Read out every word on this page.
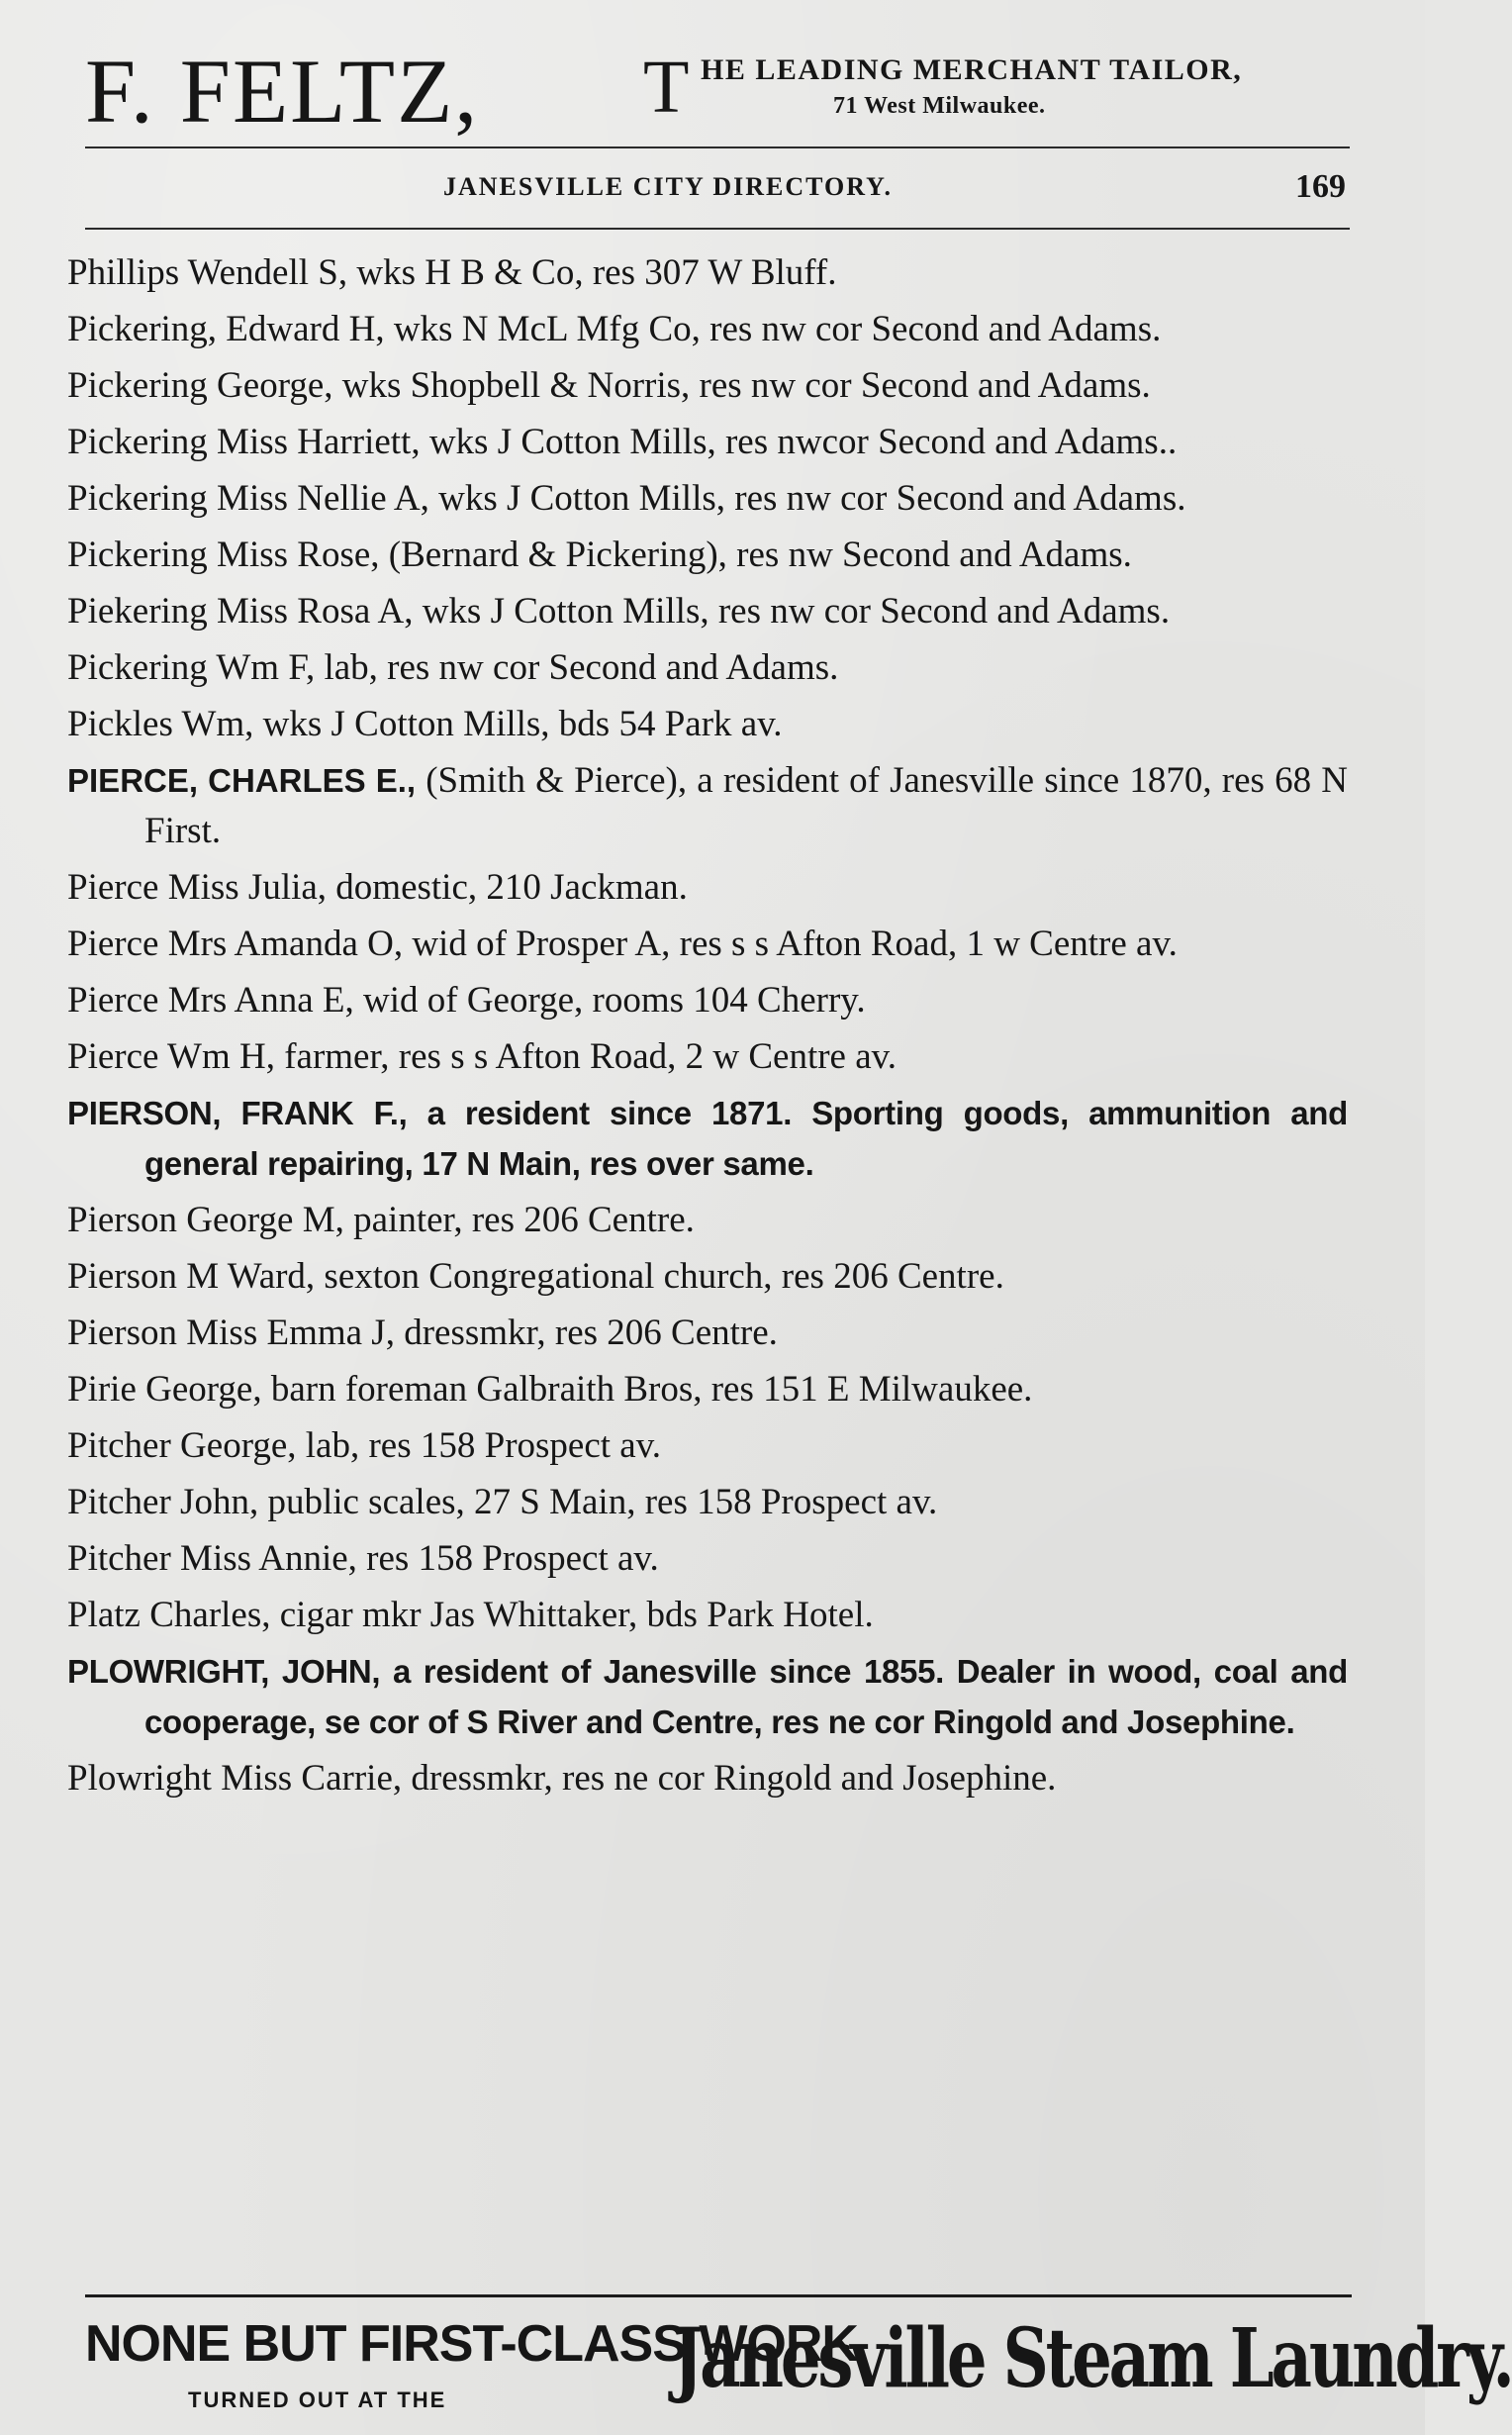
F. FELTZ, T HE LEADING MERCHANT TAILOR,
71 West Milwaukee.
JANESVILLE CITY DIRECTORY.	169
Phillips Wendell S, wks H B & Co, res 307 W Bluff.
Pickering, Edward H, wks N McL Mfg Co, res nw cor Second and Adams.
Pickering George, wks Shopbell & Norris, res nw cor Second and Adams.
Pickering Miss Harriett, wks J Cotton Mills, res nwcor Second and Adams..
Pickering Miss Nellie A, wks J Cotton Mills, res nw cor Second and Adams.
Pickering Miss Rose, (Bernard & Pickering), res nw Second and Adams.
Piekering Miss Rosa A, wks J Cotton Mills, res nw cor Second and Adams.
Pickering Wm F, lab, res nw cor Second and Adams.
Pickles Wm, wks J Cotton Mills, bds 54 Park av.
PIERCE, CHARLES E., (Smith & Pierce), a resident of Janesville since 1870, res 68 N First.
Pierce Miss Julia, domestic, 210 Jackman.
Pierce Mrs Amanda O, wid of Prosper A, res s s Afton Road, 1 w Centre av.
Pierce Mrs Anna E, wid of George, rooms 104 Cherry.
Pierce Wm H, farmer, res s s Afton Road, 2 w Centre av.
PIERSON, FRANK F., a resident since 1871. Sporting goods, ammunition and general repairing, 17 N Main, res over same.
Pierson George M, painter, res 206 Centre.
Pierson M Ward, sexton Congregational church, res 206 Centre.
Pierson Miss Emma J, dressmkr, res 206 Centre.
Pirie George, barn foreman Galbraith Bros, res 151 E Milwaukee.
Pitcher George, lab, res 158 Prospect av.
Pitcher John, public scales, 27 S Main, res 158 Prospect av.
Pitcher Miss Annie, res 158 Prospect av.
Platz Charles, cigar mkr Jas Whittaker, bds Park Hotel.
PLOWRIGHT, JOHN, a resident of Janesville since 1855. Dealer in wood, coal and cooperage, se cor of S River and Centre, res ne cor Ringold and Josephine.
Plowright Miss Carrie, dressmkr, res ne cor Ringold and Josephine.
NONE BUT FIRST-CLASS WORK
TURNED OUT AT THE	Janesville Steam Laundry.
